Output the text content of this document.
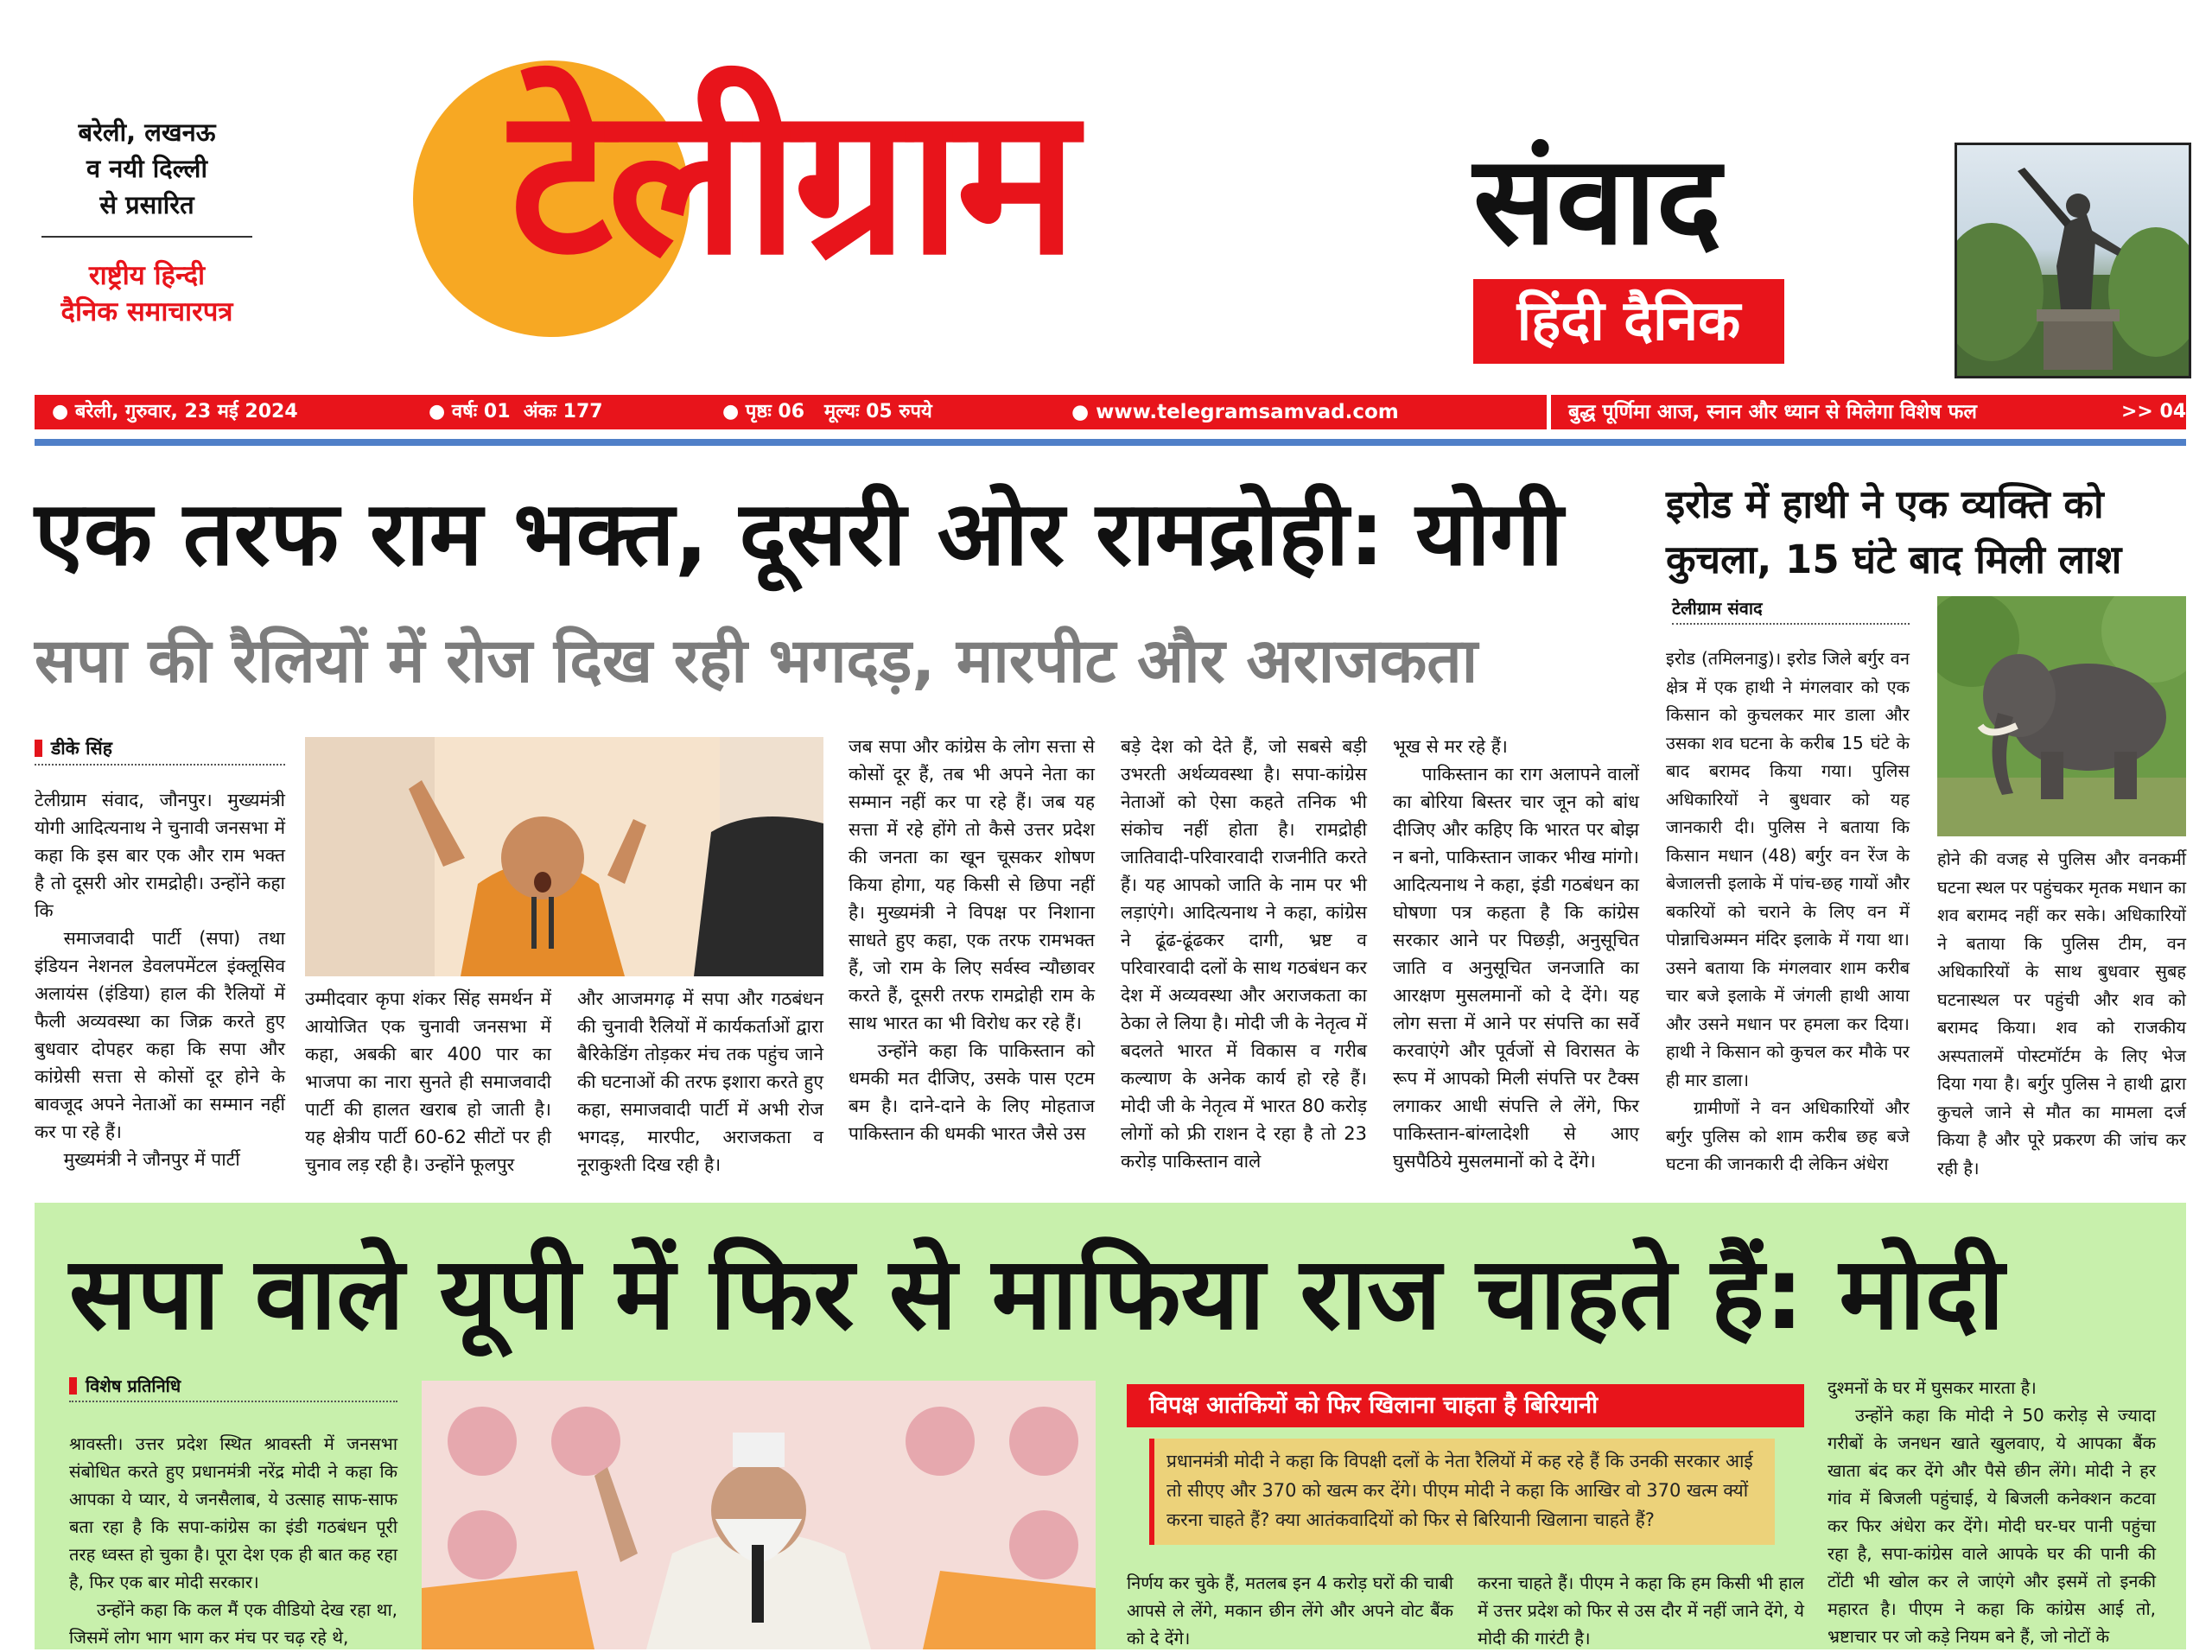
बरेली, लखनऊ
व नयी दिल्ली
से प्रसारित
राष्ट्रीय हिन्दी
दैनिक समाचारपत्र
टेलीग्राम	संवाद
हिंदी दैनिक
● बरेली, गुरुवार, 23 मई 2024	● वर्षः 01  अंकः 177	● पृष्ठः 06   मूल्यः 05 रुपये	● www.telegramsamvad.com	बुद्ध पूर्णिमा आज, स्नान और ध्यान से मिलेगा विशेष फल	>> 04
एक तरफ राम भक्त, दूसरी ओर रामद्रोही: योगी
सपा की रैलियों में रोज दिख रही भगदड़, मारपीट और अराजकता
डीके सिंह

टेलीग्राम संवाद, जौनपुर। मुख्यमंत्री योगी आदित्यनाथ ने चुनावी जनसभा में कहा कि इस बार एक और राम भक्त है तो दूसरी ओर रामद्रोही। उन्होंने कहा कि

समाजवादी पार्टी (सपा) तथा इंडियन नेशनल डेवलपमेंटल इंक्लूसिव अलायंस (इंडिया) हाल की रैलियों में फैली अव्यवस्था का जिक्र करते हुए बुधवार दोपहर कहा कि सपा और कांग्रेसी सत्ता से कोसों दूर होने के बावजूद अपने नेताओं का सम्मान नहीं कर पा रहे हैं।

मुख्यमंत्री ने जौनपुर में पार्टी

उम्मीदवार कृपा शंकर सिंह समर्थन में आयोजित एक चुनावी जनसभा में कहा, अबकी बार 400 पार का भाजपा का नारा सुनते ही समाजवादी पार्टी की हालत खराब हो जाती है। यह क्षेत्रीय पार्टी 60-62 सीटों पर ही चुनाव लड़ रही है। उन्होंने फूलपुर

और आजमगढ़ में सपा और गठबंधन की चुनावी रैलियों में कार्यकर्ताओं द्वारा बैरिकेडिंग तोड़कर मंच तक पहुंच जाने की घटनाओं की तरफ इशारा करते हुए कहा, समाजवादी पार्टी में अभी रोज भगदड़, मारपीट, अराजकता व नूराकुश्ती दिख रही है।

जब सपा और कांग्रेस के लोग सत्ता से कोसों दूर हैं, तब भी अपने नेता का सम्मान नहीं कर पा रहे हैं। जब यह सत्ता में रहे होंगे तो कैसे उत्तर प्रदेश की जनता का खून चूसकर शोषण किया होगा, यह किसी से छिपा नहीं है। मुख्यमंत्री ने विपक्ष पर निशाना साधते हुए कहा, एक तरफ रामभक्त हैं, जो राम के लिए सर्वस्व न्यौछावर करते हैं, दूसरी तरफ रामद्रोही राम के साथ भारत का भी विरोध कर रहे हैं।

उन्होंने कहा कि पाकिस्तान को धमकी मत दीजिए, उसके पास एटम बम है। दाने-दाने के लिए मोहताज पाकिस्तान की धमकी भारत जैसे उस

बड़े देश को देते हैं, जो सबसे बड़ी उभरती अर्थव्यवस्था है। सपा-कांग्रेस नेताओं को ऐसा कहते तनिक भी संकोच नहीं होता है। रामद्रोही जातिवादी-परिवारवादी राजनीति करते हैं। यह आपको जाति के नाम पर भी लड़ाएंगे। आदित्यनाथ ने कहा, कांग्रेस ने ढूंढ-ढूंढकर दागी, भ्रष्ट व परिवारवादी दलों के साथ गठबंधन कर देश में अव्यवस्था और अराजकता का ठेका ले लिया है। मोदी जी के नेतृत्व में बदलते भारत में विकास व गरीब कल्याण के अनेक कार्य हो रहे हैं। मोदी जी के नेतृत्व में भारत 80 करोड़ लोगों को फ्री राशन दे रहा है तो 23 करोड़ पाकिस्तान वाले

भूख से मर रहे हैं।

पाकिस्तान का राग अलापने वालों का बोरिया बिस्तर चार जून को बांध दीजिए और कहिए कि भारत पर बोझ न बनो, पाकिस्तान जाकर भीख मांगो। आदित्यनाथ ने कहा, इंडी गठबंधन का घोषणा पत्र कहता है कि कांग्रेस सरकार आने पर पिछड़ी, अनुसूचित जाति व अनुसूचित जनजाति का आरक्षण मुसलमानों को दे देंगे। यह लोग सत्ता में आने पर संपत्ति का सर्वे करवाएंगे और पूर्वजों से विरासत के रूप में आपको मिली संपत्ति पर टैक्स लगाकर आधी संपत्ति ले लेंगे, फिर पाकिस्तान-बांग्लादेशी से आए घुसपैठिये मुसलमानों को दे देंगे।

इरोड में हाथी ने एक व्यक्ति को कुचला, 15 घंटे बाद मिली लाश
टेलीग्राम संवाद

इरोड (तमिलनाडु)। इरोड जिले बर्गुर वन क्षेत्र में एक हाथी ने मंगलवार को एक किसान को कुचलकर मार डाला और उसका शव घटना के करीब 15 घंटे के बाद बरामद किया गया। पुलिस अधिकारियों ने बुधवार को यह जानकारी दी। पुलिस ने बताया कि किसान मधान (48) बर्गुर वन रेंज के बेजालत्ती इलाके में पांच-छह गायों और बकरियों को चराने के लिए वन में पोन्नाचिअम्मन मंदिर इलाके में गया था। उसने बताया कि मंगलवार शाम करीब चार बजे इलाके में जंगली हाथी आया और उसने मधान पर हमला कर दिया। हाथी ने किसान को कुचल कर मौके पर ही मार डाला।

ग्रामीणों ने वन अधिकारियों और बर्गुर पुलिस को शाम करीब छह बजे घटना की जानकारी दी लेकिन अंधेरा

होने की वजह से पुलिस और वनकर्मी घटना स्थल पर पहुंचकर मृतक मधान का शव बरामद नहीं कर सके। अधिकारियों ने बताया कि पुलिस टीम, वन अधिकारियों के साथ बुधवार सुबह घटनास्थल पर पहुंची और शव को बरामद किया। शव को राजकीय अस्पतालमें पोस्टमॉर्टम के लिए भेज दिया गया है। बर्गुर पुलिस ने हाथी द्वारा कुचले जाने से मौत का मामला दर्ज किया है और पूरे प्रकरण की जांच कर रही है।

सपा वाले यूपी में फिर से माफिया राज चाहते हैं: मोदी
विशेष प्रतिनिधि

श्रावस्ती। उत्तर प्रदेश स्थित श्रावस्ती में जनसभा संबोधित करते हुए प्रधानमंत्री नरेंद्र मोदी ने कहा कि आपका ये प्यार, ये जनसैलाब, ये उत्साह साफ-साफ बता रहा है कि सपा-कांग्रेस का इंडी गठबंधन पूरी तरह ध्वस्त हो चुका है। पूरा देश एक ही बात कह रहा है, फिर एक बार मोदी सरकार।

उन्होंने कहा कि कल मैं एक वीडियो देख रहा था, जिसमें लोग भाग भाग कर मंच पर चढ़ रहे थे,

विपक्ष आतंकियों को फिर खिलाना चाहता है बिरियानी
प्रधानमंत्री मोदी ने कहा कि विपक्षी दलों के नेता रैलियों में कह रहे हैं कि उनकी सरकार आई तो सीएए और 370 को खत्म कर देंगे। पीएम मोदी ने कहा कि आखिर वो 370 खत्म क्यों करना चाहते हैं? क्या आतंकवादियों को फिर से बिरियानी खिलाना चाहते हैं?

निर्णय कर चुके हैं, मतलब इन 4 करोड़ घरों की चाबी आपसे ले लेंगे, मकान छीन लेंगे और अपने वोट बैंक को दे देंगे।

करना चाहते हैं। पीएम ने कहा कि हम किसी भी हाल में उत्तर प्रदेश को फिर से उस दौर में नहीं जाने देंगे, ये मोदी की गारंटी है।

दुश्मनों के घर में घुसकर मारता है।

उन्होंने कहा कि मोदी ने 50 करोड़ से ज्यादा गरीबों के जनधन खाते खुलवाए, ये आपका बैंक खाता बंद कर देंगे और पैसे छीन लेंगे। मोदी ने हर गांव में बिजली पहुंचाई, ये बिजली कनेक्शन कटवा कर फिर अंधेरा कर देंगे। मोदी घर-घर पानी पहुंचा रहा है, सपा-कांग्रेस वाले आपके घर की पानी की टोंटी भी खोल कर ले जाएंगे और इसमें तो इनकी महारत है। पीएम ने कहा कि कांग्रेस आई तो, भ्रष्टाचार पर जो कड़े नियम बने हैं, जो नोटों के
